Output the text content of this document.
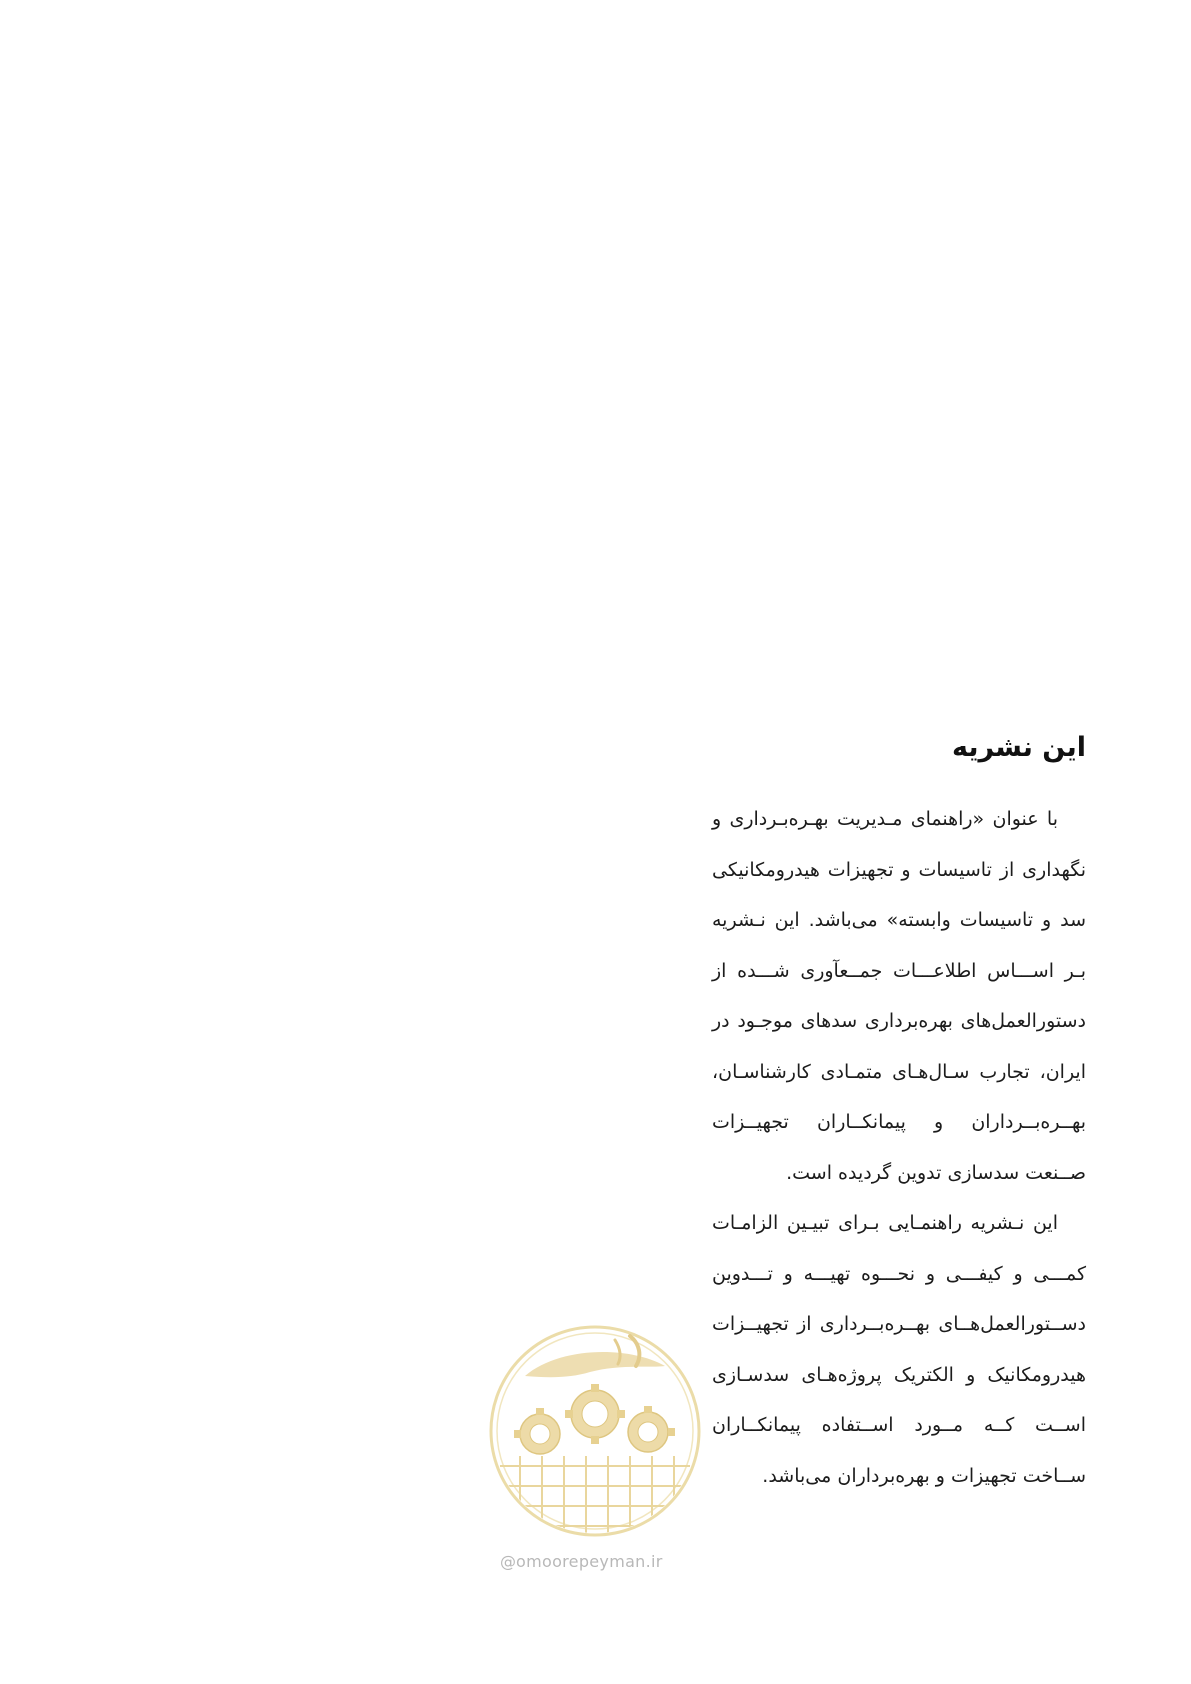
این نشریه

با عنوان «راهنمای مـدیریت بهـره‌بـرداری و نگهداری از تاسیسات و تجهیزات هیدرومکانیکی سد و تاسیسات وابسته» می‌باشد. این نـشریه بـر اســـاس اطلاعـــات جمــعآوری شـــده از دستورالعمل‌های بهره‌برداری سدهای موجـود در ایران، تجارب سـال‌هـای متمـادی کارشناسـان، بهــره‌بــرداران و پیمانکــاران تجهیــزات صــنعت سدسازی تدوین گردیده است.

این نـشریه راهنمـایی بـرای تبیـین الزامـات کمـــی و کیفـــی و نحـــوه تهیـــه و تـــدوین دســتورالعمل‌هــای بهــره‌بــرداری از تجهیــزات هیدرومکانیک و الکتریک پروژه‌هـای سدسـازی اســت کــه مــورد اســتفاده پیمانکــاران ســاخت تجهیزات و بهره‌برداران می‌باشد.

@omoorepeyman.ir
